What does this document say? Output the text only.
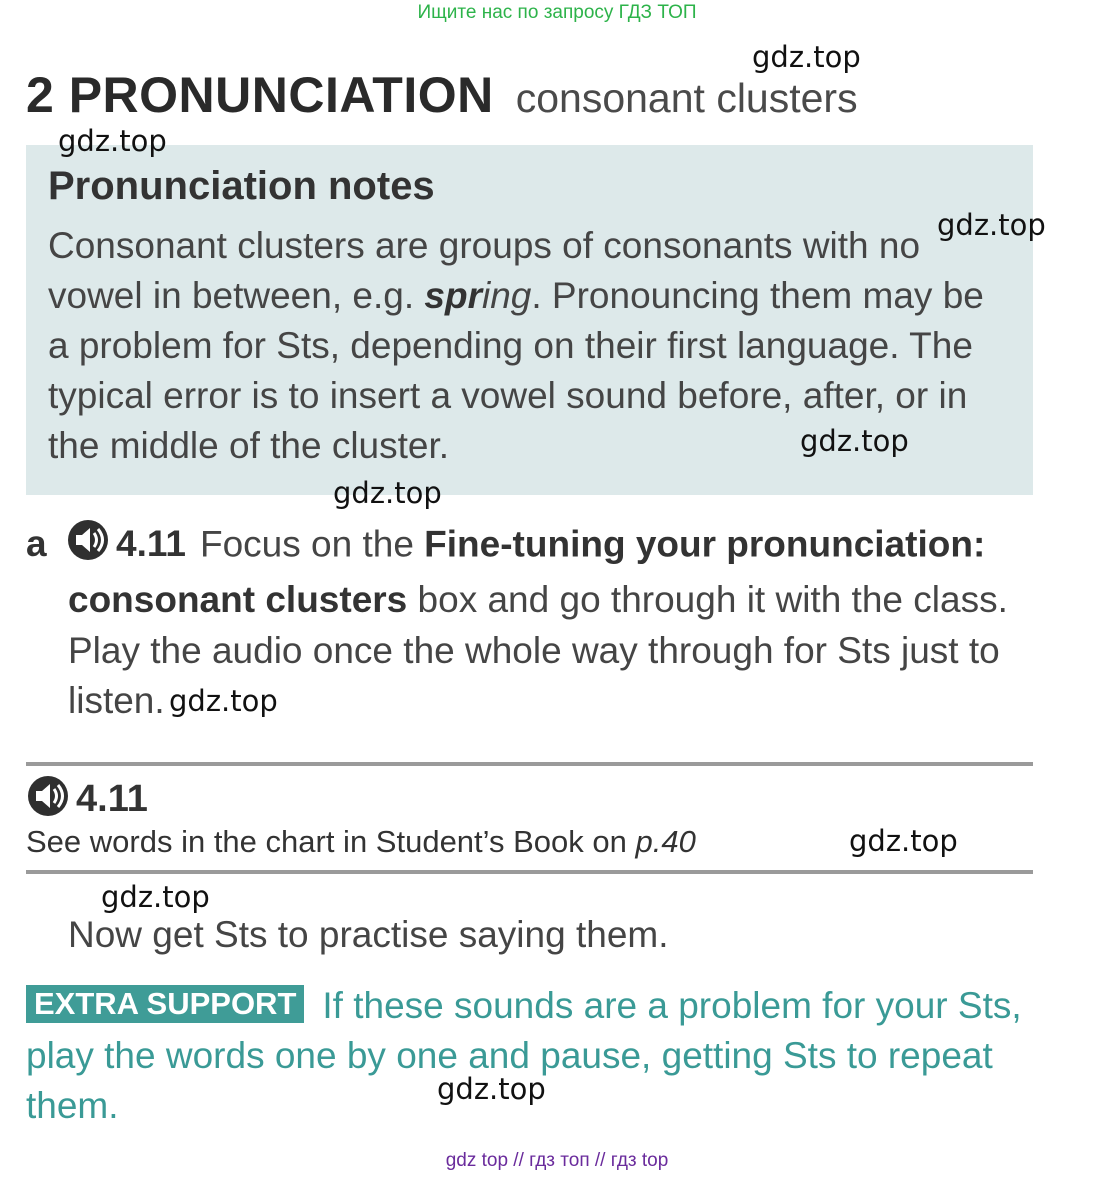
Ищите нас по запросу ГДЗ ТОП
gdz.top
gdz.top
gdz.top
gdz.top
gdz.top
gdz.top
gdz.top
gdz.top
gdz.top
2 PRONUNCIATION consonant clusters
Pronunciation notes

Consonant clusters are groups of consonants with no

vowel in between, e.g. spring. Pronouncing them may be

a problem for Sts, depending on their first language. The

typical error is to insert a vowel sound before, after, or in

the middle of the cluster.

a 4.11 Focus on the Fine-tuning your pronunciation:
consonant clusters box and go through it with the class.
Play the audio once the whole way through for Sts just to
listen.
4.11
See words in the chart in Student’s Book on p.40
Now get Sts to practise saying them.
EXTRA SUPPORT If these sounds are a problem for your Sts,
play the words one by one and pause, getting Sts to repeat
them.
gdz top // гдз топ // гдз top
